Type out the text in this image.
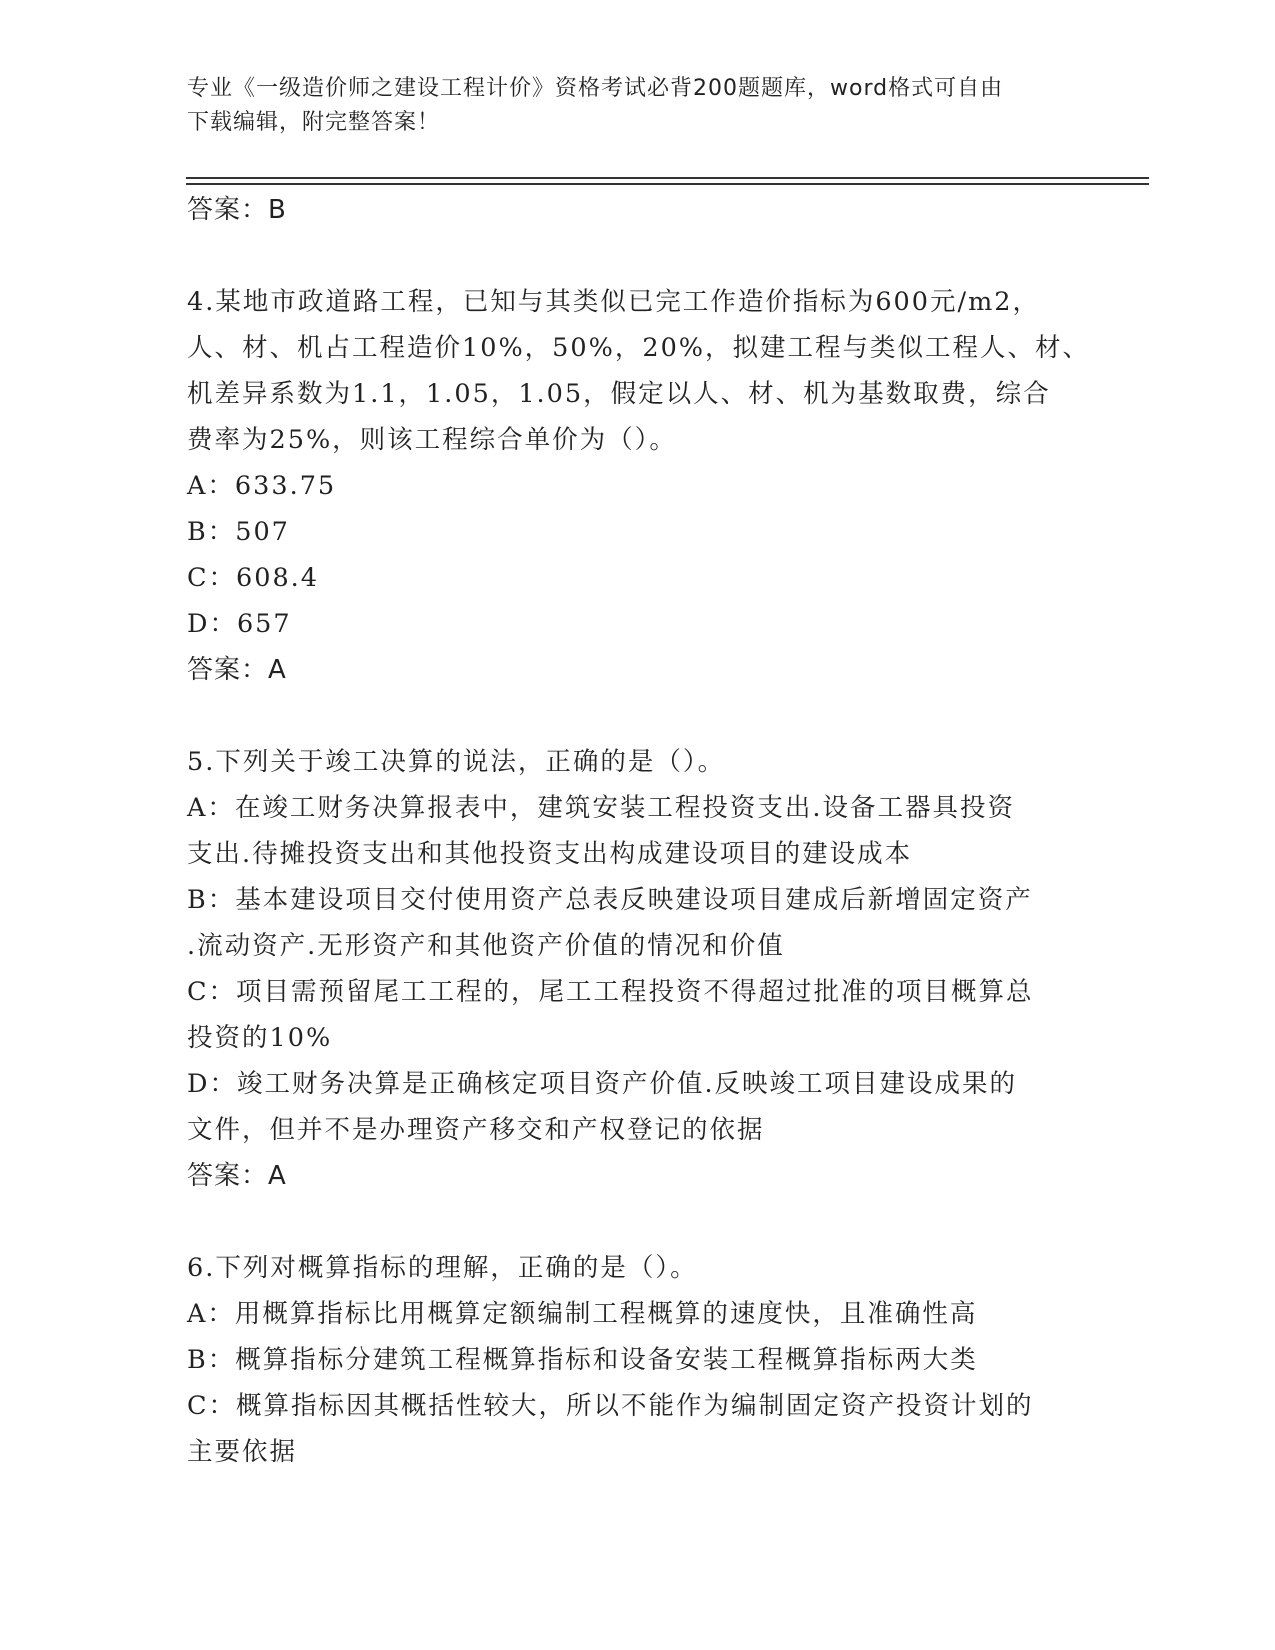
专业《一级造价师之建设工程计价》资格考试必背200题题库，word格式可自由
下载编辑，附完整答案！
答案：B
4.某地市政道路工程，已知与其类似已完工作造价指标为600元/m2，
人、材、机占工程造价10%，50%，20%，拟建工程与类似工程人、材、
机差异系数为1.1，1.05，1.05，假定以人、材、机为基数取费，综合
费率为25%，则该工程综合单价为（）。
A：633.75
B：507
C：608.4
D：657
答案：A
5.下列关于竣工决算的说法，正确的是（）。
A：在竣工财务决算报表中，建筑安装工程投资支出.设备工器具投资
支出.待摊投资支出和其他投资支出构成建设项目的建设成本
B：基本建设项目交付使用资产总表反映建设项目建成后新增固定资产
.流动资产.无形资产和其他资产价值的情况和价值
C：项目需预留尾工工程的，尾工工程投资不得超过批准的项目概算总
投资的10%
D：竣工财务决算是正确核定项目资产价值.反映竣工项目建设成果的
文件，但并不是办理资产移交和产权登记的依据
答案：A
6.下列对概算指标的理解，正确的是（）。
A：用概算指标比用概算定额编制工程概算的速度快，且准确性高
B：概算指标分建筑工程概算指标和设备安装工程概算指标两大类
C：概算指标因其概括性较大，所以不能作为编制固定资产投资计划的
主要依据
